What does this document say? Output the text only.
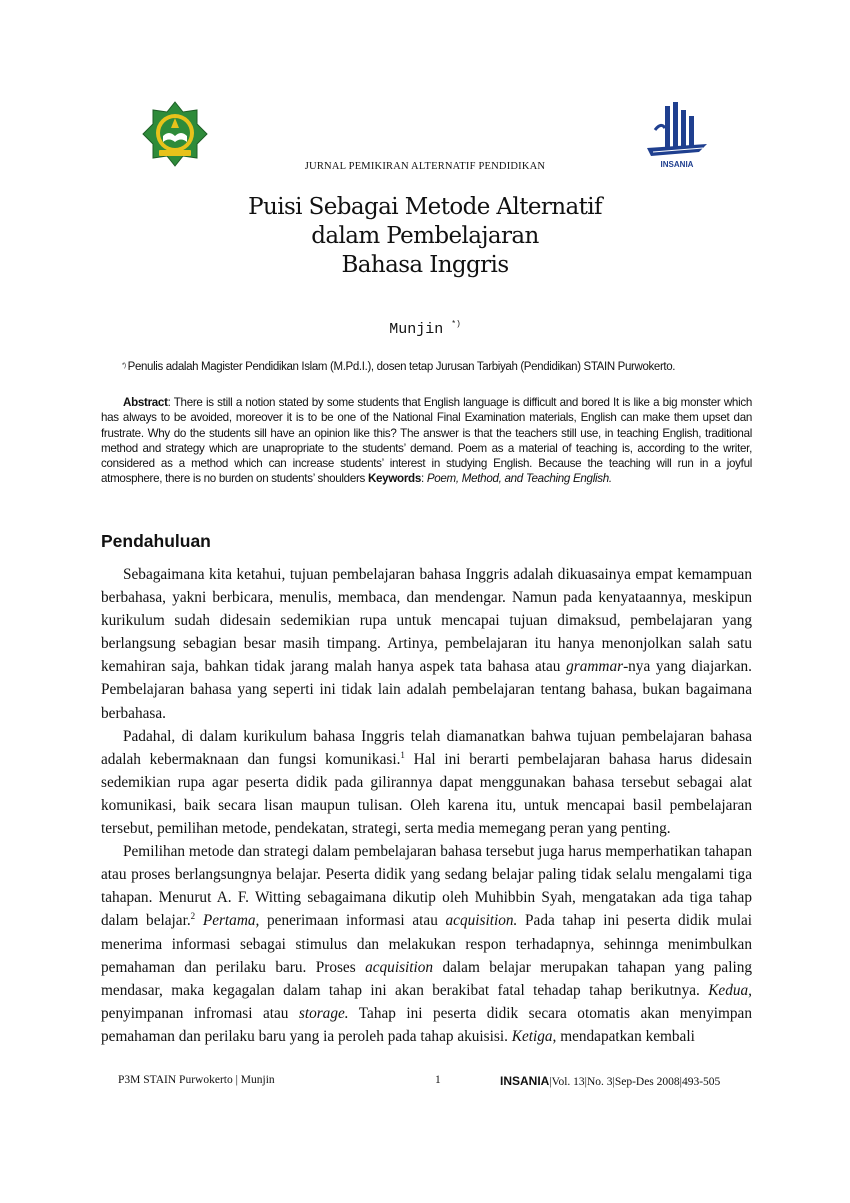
JURNAL PEMIKIRAN ALTERNATIF PENDIDIKAN	INSANIA
Puisi Sebagai Metode Alternatif
dalam Pembelajaran
Bahasa Inggris
Munjin *)
*) Penulis adalah Magister Pendidikan Islam (M.Pd.I.), dosen tetap Jurusan Tarbiyah (Pendidikan) STAIN Purwokerto.
Abstract: There is still a notion stated by some students that English language is difficult and bored It is like a big monster which has always to be avoided, moreover it is to be one of the National Final Examination materials, English can make them upset dan frustrate. Why do the students sill have an opinion like this? The answer is that the teachers still use, in teaching English, traditional method and strategy which are unapropriate to the students’ demand. Poem as a material of teaching is, according to the writer, considered as a method which can increase students’ interest in studying English. Because the teaching will run in a joyful atmosphere, there is no burden on students’ shoulders Keywords: Poem, Method, and Teaching English.
Pendahuluan

Sebagaimana kita ketahui, tujuan pembelajaran bahasa Inggris adalah dikuasainya empat kemampuan berbahasa, yakni berbicara, menulis, membaca, dan mendengar. Namun pada kenyataannya, meskipun kurikulum sudah didesain sedemikian rupa untuk mencapai tujuan dimaksud, pembelajaran yang berlangsung sebagian besar masih timpang. Artinya, pembelajaran itu hanya menonjolkan salah satu kemahiran saja, bahkan tidak jarang malah hanya aspek tata bahasa atau grammar-nya yang diajarkan. Pembelajaran bahasa yang seperti ini tidak lain adalah pembelajaran tentang bahasa, bukan bagaimana berbahasa.

Padahal, di dalam kurikulum bahasa Inggris telah diamanatkan bahwa tujuan pembelajaran bahasa adalah kebermaknaan dan fungsi komunikasi.$^1$ Hal ini berarti pembelajaran bahasa harus didesain sedemikian rupa agar peserta didik pada gilirannya dapat menggunakan bahasa tersebut sebagai alat komunikasi, baik secara lisan maupun tulisan. Oleh karena itu, untuk mencapai basil pembelajaran tersebut, pemilihan metode, pendekatan, strategi, serta media memegang peran yang penting.

Pemilihan metode dan strategi dalam pembelajaran bahasa tersebut juga harus memperhatikan tahapan atau proses berlangsungnya belajar. Peserta didik yang sedang belajar paling tidak selalu mengalami tiga tahapan. Menurut A. F. Witting sebagaimana dikutip oleh Muhibbin Syah, mengatakan ada tiga tahap dalam belajar.$^2$ Pertama, penerimaan informasi atau acquisition. Pada tahap ini peserta didik mulai menerima informasi sebagai stimulus dan melakukan respon terhadapnya, sehinnga menimbulkan pemahaman dan perilaku baru. Proses acquisition dalam belajar merupakan tahapan yang paling mendasar, maka kegagalan dalam tahap ini akan berakibat fatal tehadap tahap berikutnya. Kedua, penyimpanan infromasi atau storage. Tahap ini peserta didik secara otomatis akan menyimpan pemahaman dan perilaku baru yang ia peroleh pada tahap akuisisi. Ketiga, mendapatkan kembali

P3M STAIN Purwokerto | Munjin	1	INSANIA|Vol. 13|No. 3|Sep-Des 2008|493-505
